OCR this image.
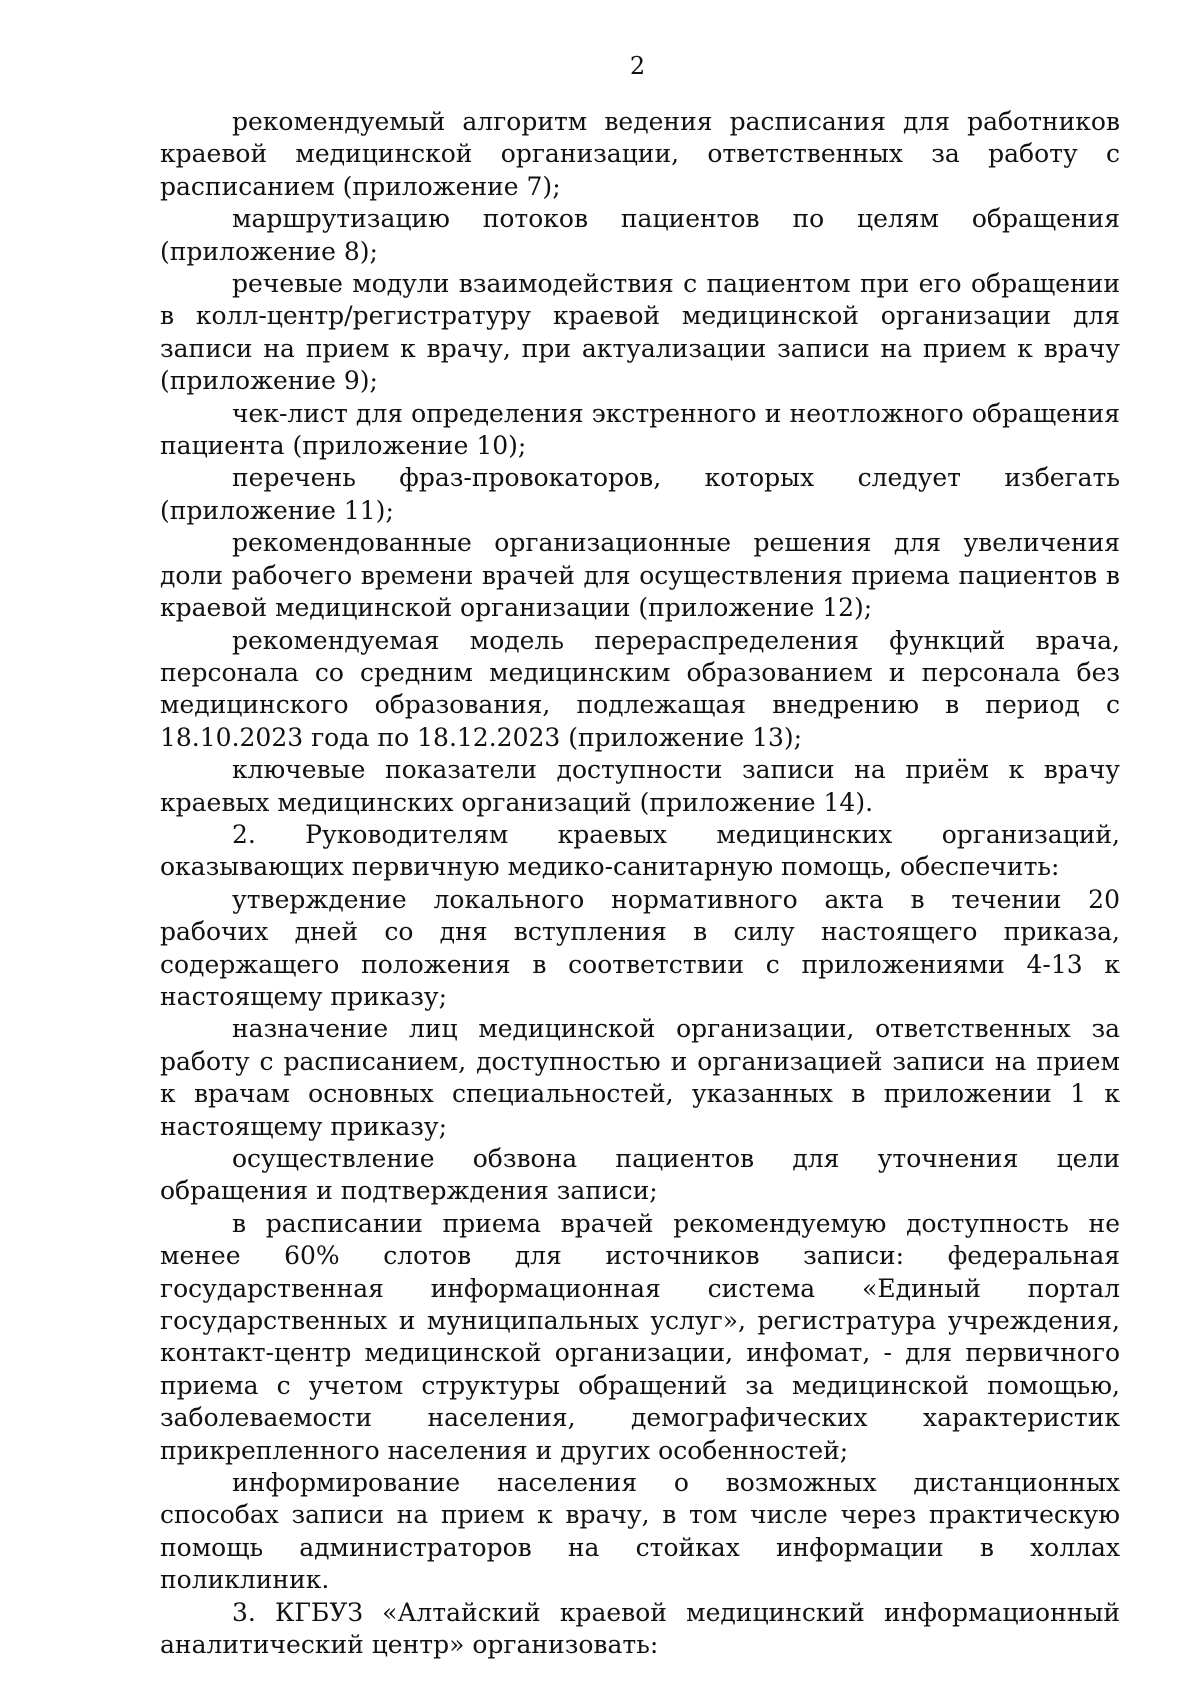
2

рекомендуемый алгоритм ведения расписания для работников краевой медицинской организации, ответственных за работу с расписанием (приложение 7);

маршрутизацию потоков пациентов по целям обращения (приложение 8);

речевые модули взаимодействия с пациентом при его обращении в колл-центр/регистратуру краевой медицинской организации для записи на прием к врачу, при актуализации записи на прием к врачу (приложение 9);

чек-лист для определения экстренного и неотложного обращения пациента (приложение 10);

перечень фраз-провокаторов, которых следует избегать (приложение 11);

рекомендованные организационные решения для увеличения доли рабочего времени врачей для осуществления приема пациентов в краевой медицинской организации (приложение 12);

рекомендуемая модель перераспределения функций врача, персонала со средним медицинским образованием и персонала без медицинского образования, подлежащая внедрению в период с 18.10.2023 года по 18.12.2023 (приложение 13);

ключевые показатели доступности записи на приём к врачу краевых медицинских организаций (приложение 14).

2. Руководителям краевых медицинских организаций, оказывающих первичную медико-санитарную помощь, обеспечить:

утверждение локального нормативного акта в течении 20 рабочих дней со дня вступления в силу настоящего приказа, содержащего положения в соответствии с приложениями 4-13 к настоящему приказу;

назначение лиц медицинской организации, ответственных за работу с расписанием, доступностью и организацией записи на прием к врачам основных специальностей, указанных в приложении 1 к настоящему приказу;

осуществление обзвона пациентов для уточнения цели обращения и подтверждения записи;

в расписании приема врачей рекомендуемую доступность не менее 60% слотов для источников записи: федеральная государственная информационная система «Единый портал государственных и муниципальных услуг», регистратура учреждения, контакт-центр медицинской организации, инфомат, - для первичного приема с учетом структуры обращений за медицинской помощью, заболеваемости населения, демографических характеристик прикрепленного населения и других особенностей;

информирование населения о возможных дистанционных способах записи на прием к врачу, в том числе через практическую помощь администраторов на стойках информации в холлах поликлиник.

3. КГБУЗ «Алтайский краевой медицинский информационный аналитический центр» организовать:
